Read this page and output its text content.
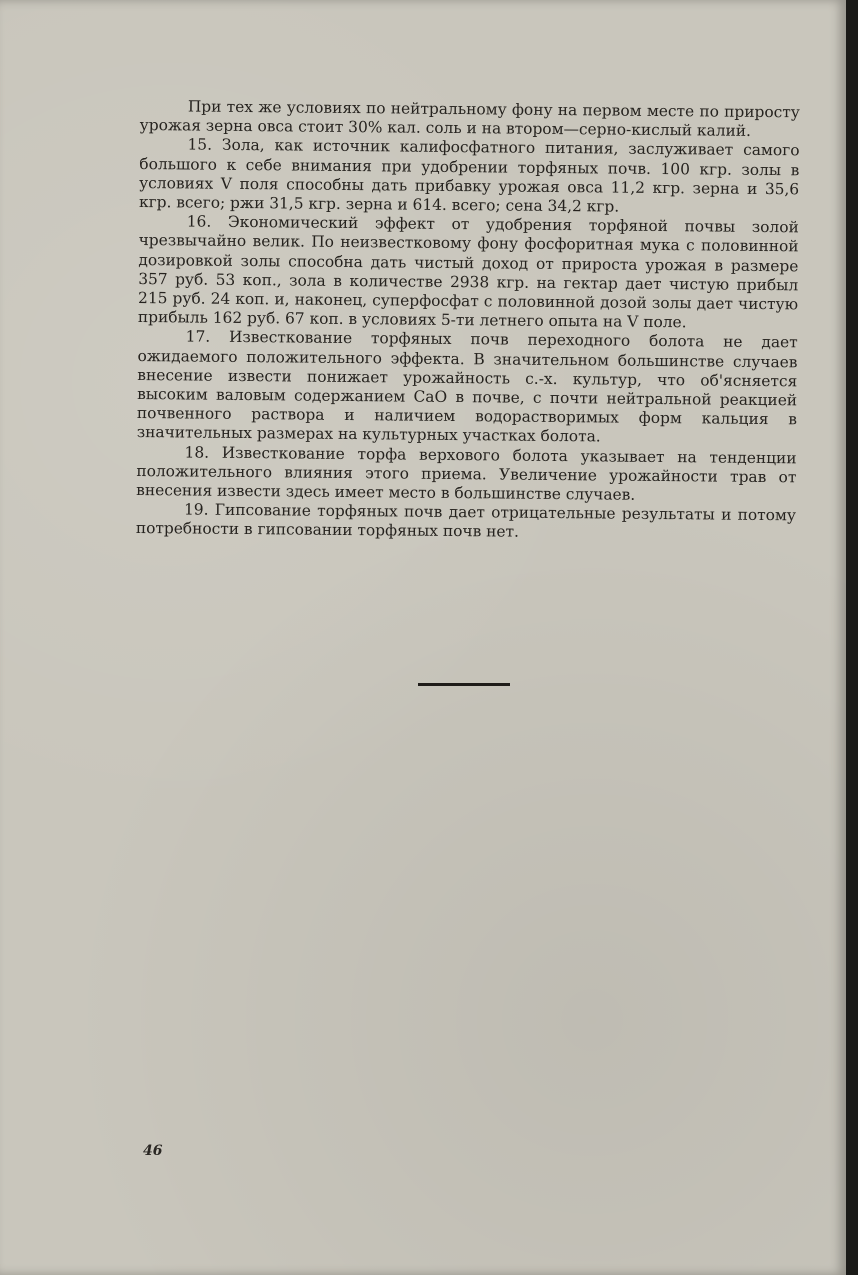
При тех же условиях по нейтральному фону на первом месте по приросту урожая зерна овса стоит 30% кал. соль и на втором—серно-кислый калий.

15. Зола, как источник калифосфатного питания, заслуживает самого большого к себе внимания при удобрении торфяных почв. 100 кгр. золы в условиях V поля способны дать прибавку урожая овса 11,2 кгр. зерна и 35,6 кгр. всего; ржи 31,5 кгр. зерна и 614. всего; сена 34,2 кгр.

16. Экономический эффект от удобрения торфяной почвы золой чрезвычайно велик. По неизвестковому фону фосфоритная мука с половинной дозировкой золы способна дать чистый доход от прироста урожая в размере 357 руб. 53 коп., зола в количестве 2938 кгр. на гектар дает чистую прибыл 215 руб. 24 коп. и, наконец, суперфосфат с половинной дозой золы дает чистую прибыль 162 руб. 67 коп. в условиях 5-ти летнего опыта на V поле.

17. Известкование торфяных почв переходного болота не дает ожидаемого положительного эффекта. В значительном большинстве случаев внесение извести понижает урожайность с.-х. культур, что об'ясняется высоким валовым содержанием СаО в почве, с почти нейтральной реакцией почвенного раствора и наличием водорастворимых форм кальция в значительных размерах на культурных участках болота.

18. Известкование торфа верхового болота указывает на тенденции положительного влияния этого приема. Увеличение урожайности трав от внесения извести здесь имеет место в большинстве случаев.

19. Гипсование торфяных почв дает отрицательные результаты и потому потребности в гипсовании торфяных почв нет.

46
